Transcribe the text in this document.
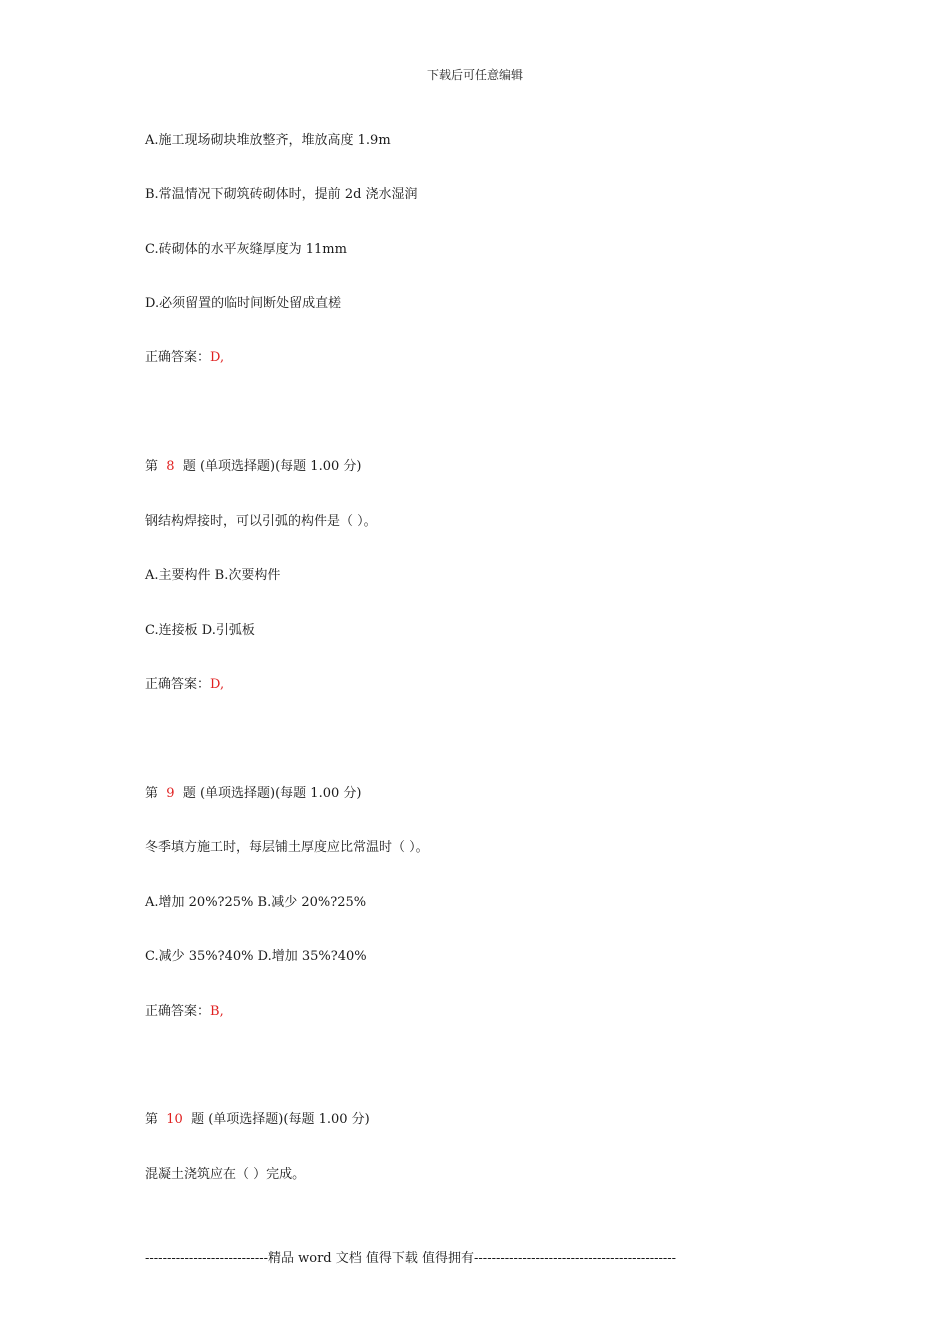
下载后可任意编辑
A.施工现场砌块堆放整齐，堆放高度 1.9m
B.常温情况下砌筑砖砌体时，提前 2d 浇水湿润
C.砖砌体的水平灰缝厚度为 11mm
D.必须留置的临时间断处留成直槎
正确答案：D,
第 8 题 (单项选择题)(每题 1.00 分)
钢结构焊接时，可以引弧的构件是（ ）。
A.主要构件 B.次要构件
C.连接板 D.引弧板
正确答案：D,
第 9 题 (单项选择题)(每题 1.00 分)
冬季填方施工时，每层铺土厚度应比常温时（ ）。
A.增加 20%?25% B.减少 20%?25%
C.减少 35%?40% D.增加 35%?40%
正确答案：B,
第 10 题 (单项选择题)(每题 1.00 分)
混凝土浇筑应在（ ）完成。
----------------------------精品 word 文档 值得下载 值得拥有----------------------------------------------
